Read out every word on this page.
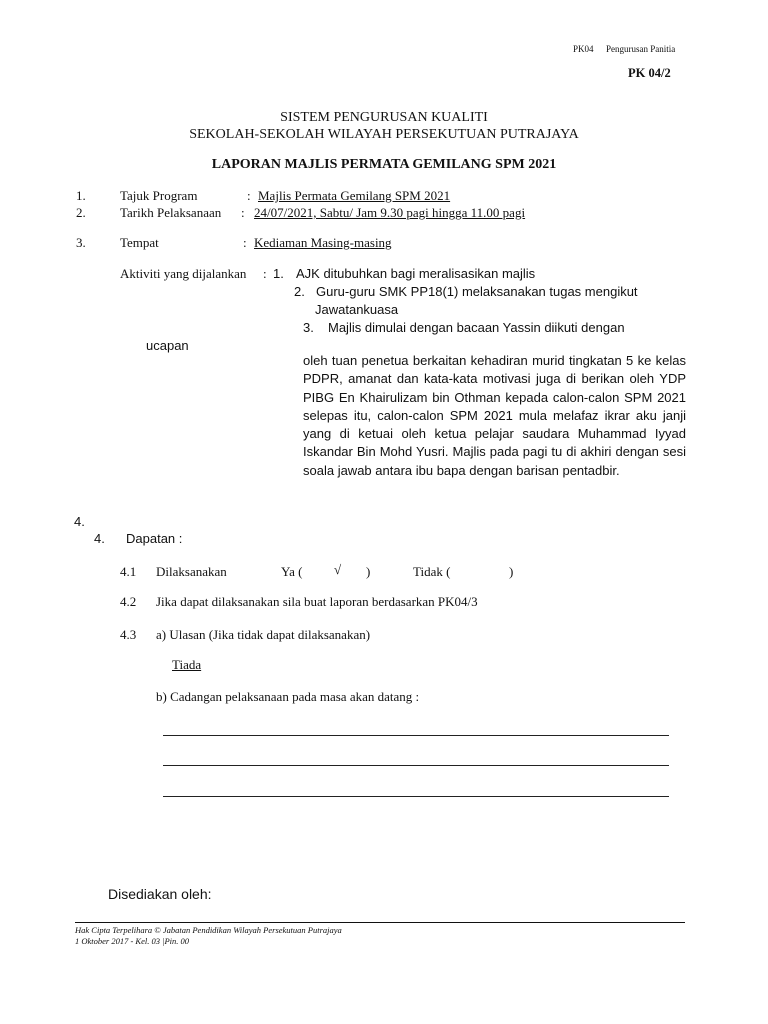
PK04 Pengurusan Panitia
PK 04/2
SISTEM PENGURUSAN KUALITI
SEKOLAH-SEKOLAH WILAYAH PERSEKUTUAN PUTRAJAYA
LAPORAN MAJLIS PERMATA GEMILANG SPM 2021
1.	Tajuk Program	: Majlis Permata Gemilang SPM 2021
2.	Tarikh Pelaksanaan : 24/07/2021, Sabtu/ Jam 9.30 pagi hingga 11.00 pagi
3.	Tempat	: Kediaman Masing-masing
Aktiviti yang dijalankan : 1. AJK ditubuhkan bagi meralisasikan majlis
2. Guru-guru SMK PP18(1) melaksanakan tugas mengikut
Jawatankuasa
3. Majlis dimulai dengan bacaan Yassin diikuti dengan
ucapan
oleh tuan penetua berkaitan kehadiran murid tingkatan 5 ke kelas PDPR, amanat dan kata-kata motivasi juga di berikan oleh YDP PIBG En Khairulizam bin Othman kepada calon-calon SPM 2021 selepas itu, calon-calon SPM 2021 mula melafaz ikrar aku janji yang di ketuai oleh ketua pelajar saudara Muhammad Iyyad Iskandar Bin Mohd Yusri. Majlis pada pagi tu di akhiri dengan sesi soala jawab antara ibu bapa dengan barisan pentadbir.
4.
4. Dapatan :
4.1 Dilaksanakan	Ya ( √ )	Tidak (	)
4.2 Jika dapat dilaksanakan sila buat laporan berdasarkan PK04/3
4.3 a) Ulasan (Jika tidak dapat dilaksanakan)
Tiada
b) Cadangan pelaksanaan pada masa akan datang :
Disediakan oleh:
Hak Cipta Terpelihara © Jabatan Pendidikan Wilayah Persekutuan Putrajaya
1 Oktober 2017 - Kel. 03 |Pin. 00
